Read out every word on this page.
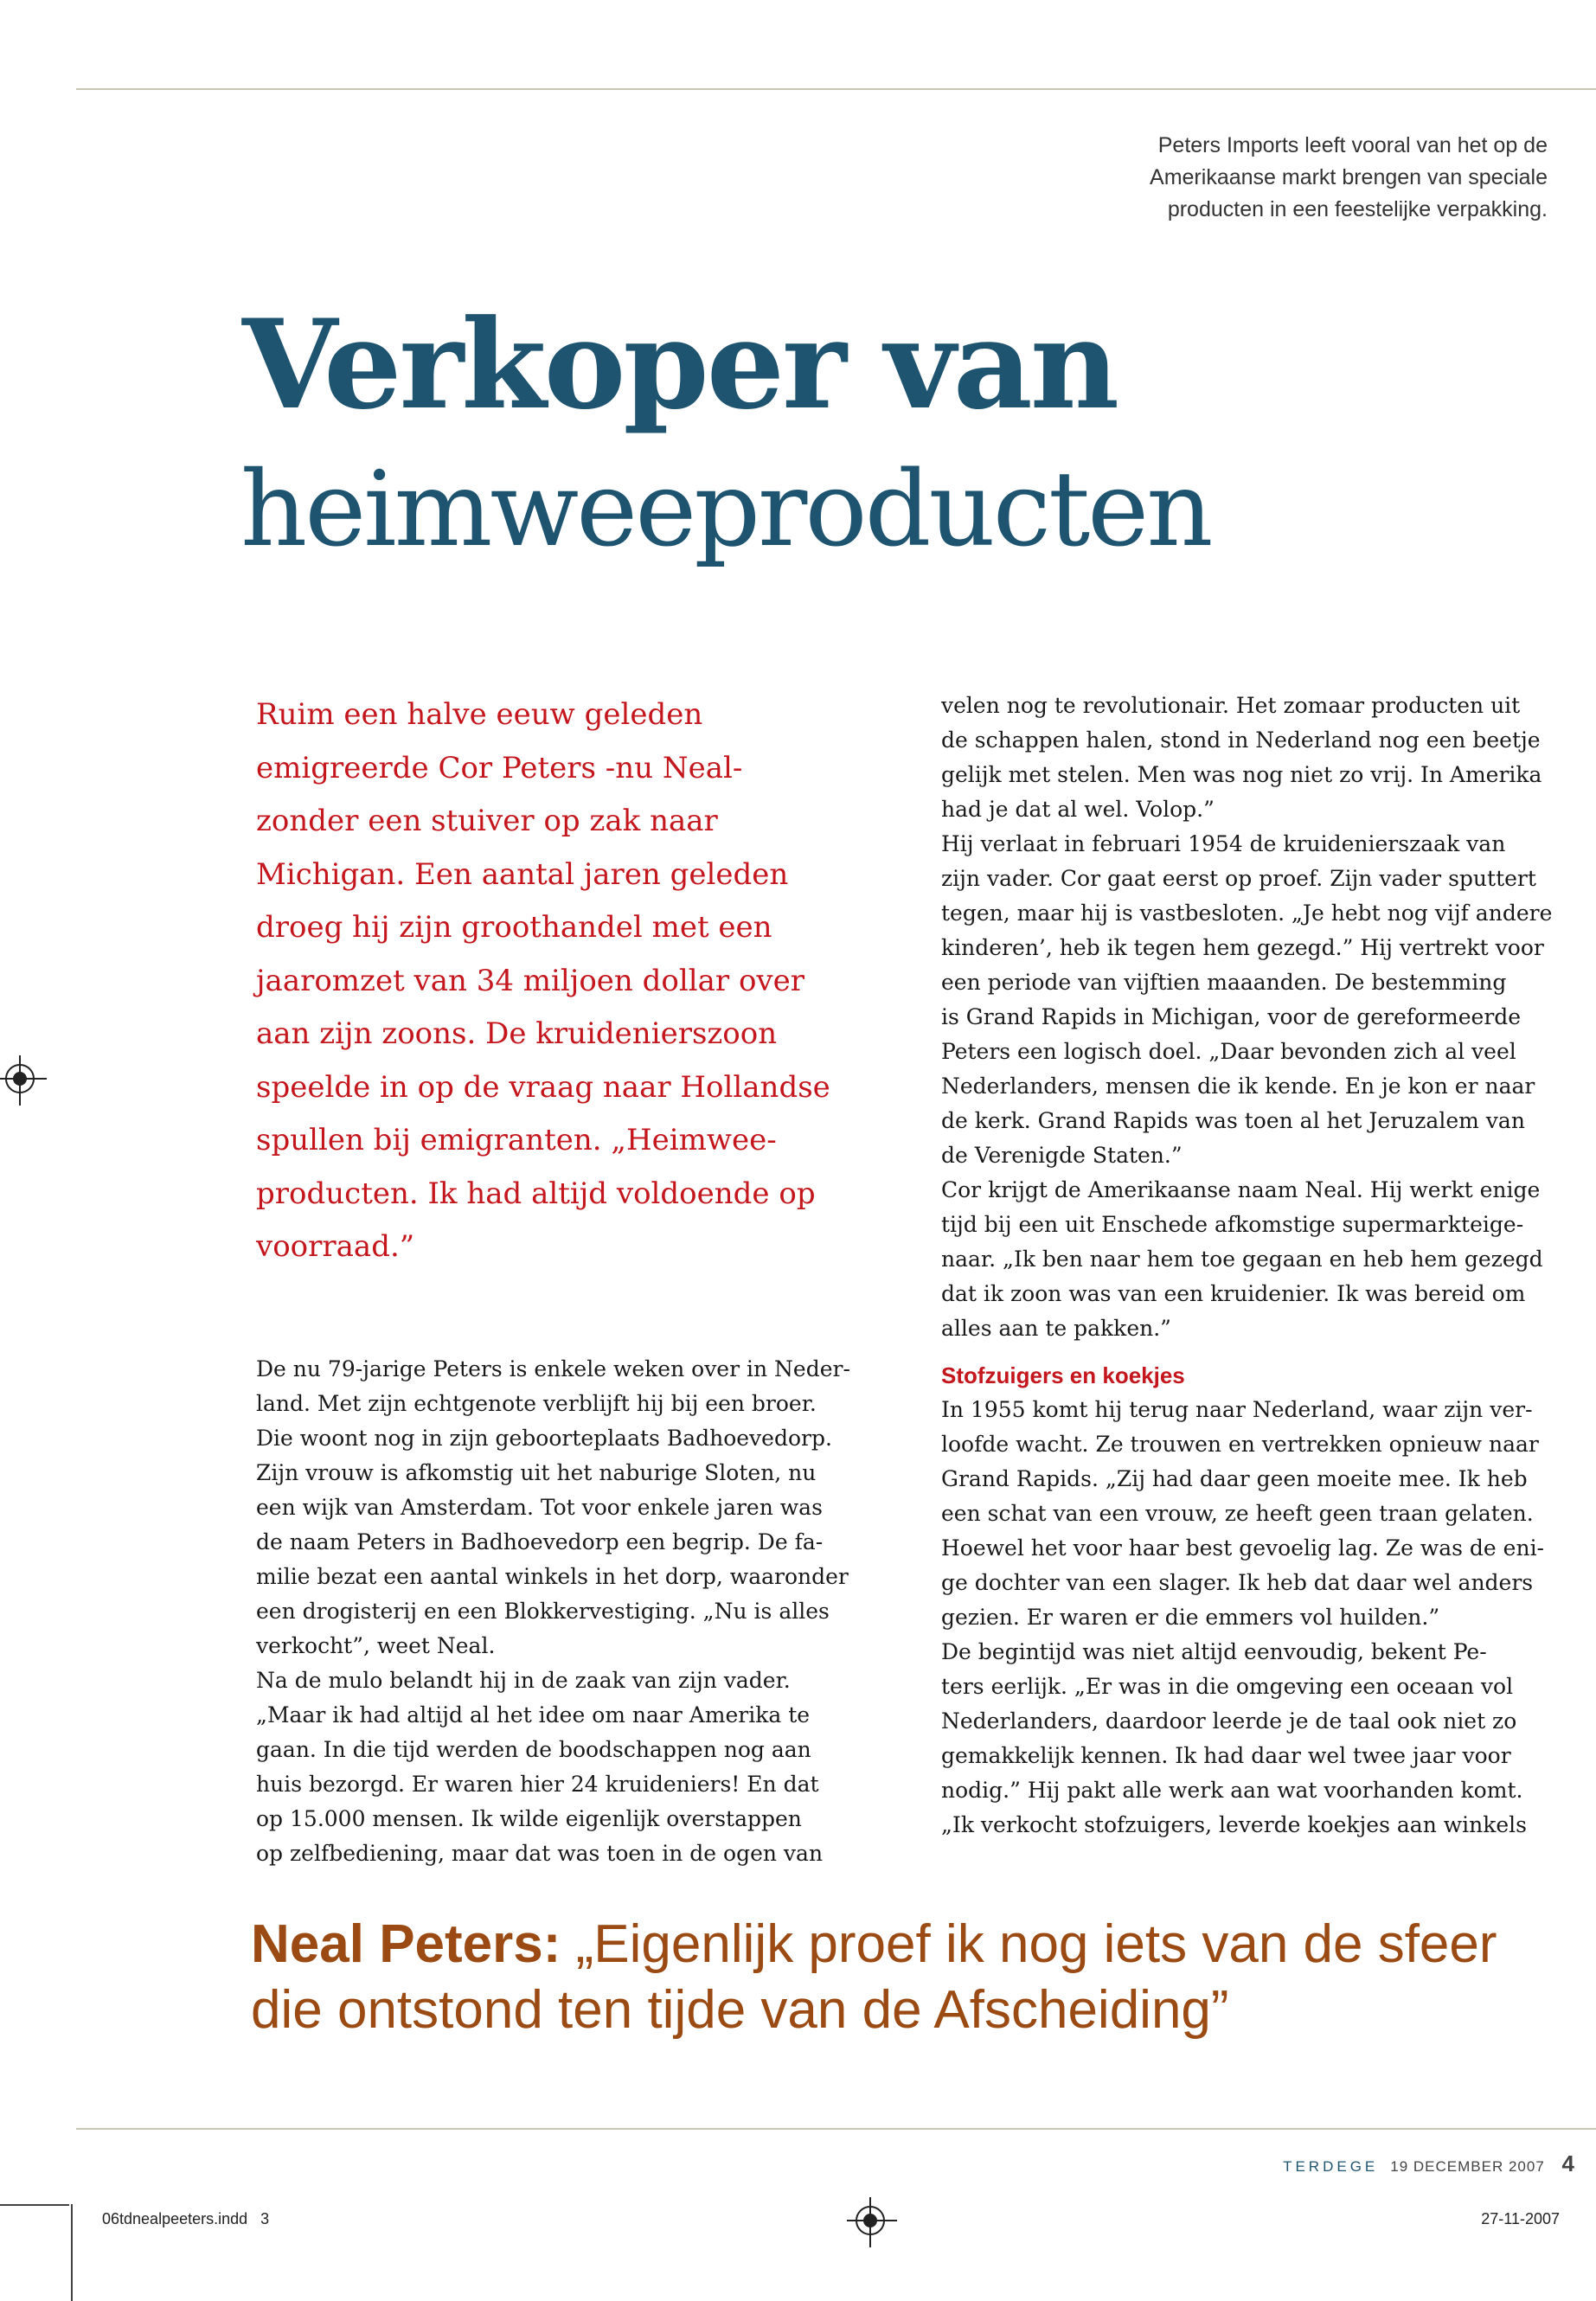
Peters Imports leeft vooral van het op de
Amerikaanse markt brengen van speciale
producten in een feestelijke verpakking.
Verkoper van
heimweeproducten
Ruim een halve eeuw geleden
emigreerde Cor Peters -nu Neal-
zonder een stuiver op zak naar
Michigan. Een aantal jaren geleden
droeg hij zijn groothandel met een
jaaromzet van 34 miljoen dollar over
aan zijn zoons. De kruidenierszoon
speelde in op de vraag naar Hollandse
spullen bij emigranten. „Heimwee-
producten. Ik had altijd voldoende op
voorraad.”
De nu 79-jarige Peters is enkele weken over in Neder-
land. Met zijn echtgenote verblijft hij bij een broer.
Die woont nog in zijn geboorteplaats Badhoevedorp.
Zijn vrouw is afkomstig uit het naburige Sloten, nu
een wijk van Amsterdam. Tot voor enkele jaren was
de naam Peters in Badhoevedorp een begrip. De fa-
milie bezat een aantal winkels in het dorp, waaronder
een drogisterij en een Blokkervestiging. „Nu is alles
verkocht”, weet Neal.
Na de mulo belandt hij in de zaak van zijn vader.
„Maar ik had altijd al het idee om naar Amerika te
gaan. In die tijd werden de boodschappen nog aan
huis bezorgd. Er waren hier 24 kruideniers! En dat
op 15.000 mensen. Ik wilde eigenlijk overstappen
op zelfbediening, maar dat was toen in de ogen van
velen nog te revolutionair. Het zomaar producten uit
de schappen halen, stond in Nederland nog een beetje
gelijk met stelen. Men was nog niet zo vrij. In Amerika
had je dat al wel. Volop.”
Hij verlaat in februari 1954 de kruidenierszaak van
zijn vader. Cor gaat eerst op proef. Zijn vader sputtert
tegen, maar hij is vastbesloten. „Je hebt nog vijf andere
kinderen’, heb ik tegen hem gezegd.” Hij vertrekt voor
een periode van vijftien maaanden. De bestemming
is Grand Rapids in Michigan, voor de gereformeerde
Peters een logisch doel. „Daar bevonden zich al veel
Nederlanders, mensen die ik kende. En je kon er naar
de kerk. Grand Rapids was toen al het Jeruzalem van
de Verenigde Staten.”
Cor krijgt de Amerikaanse naam Neal. Hij werkt enige
tijd bij een uit Enschede afkomstige supermarkteige-
naar. „Ik ben naar hem toe gegaan en heb hem gezegd
dat ik zoon was van een kruidenier. Ik was bereid om
alles aan te pakken.”
Stofzuigers en koekjes
In 1955 komt hij terug naar Nederland, waar zijn ver-
loofde wacht. Ze trouwen en vertrekken opnieuw naar
Grand Rapids. „Zij had daar geen moeite mee. Ik heb
een schat van een vrouw, ze heeft geen traan gelaten.
Hoewel het voor haar best gevoelig lag. Ze was de eni-
ge dochter van een slager. Ik heb dat daar wel anders
gezien. Er waren er die emmers vol huilden.”
De begintijd was niet altijd eenvoudig, bekent Pe-
ters eerlijk. „Er was in die omgeving een oceaan vol
Nederlanders, daardoor leerde je de taal ook niet zo
gemakkelijk kennen. Ik had daar wel twee jaar voor
nodig.” Hij pakt alle werk aan wat voorhanden komt.
„Ik verkocht stofzuigers, leverde koekjes aan winkels
Neal Peters: „Eigenlijk proef ik nog iets van de sfeer
die ontstond ten tijde van de Afscheiding”
TERDEGE 19 DECEMBER 2007 4
06tdnealpeeters.indd 3	27-11-2007
